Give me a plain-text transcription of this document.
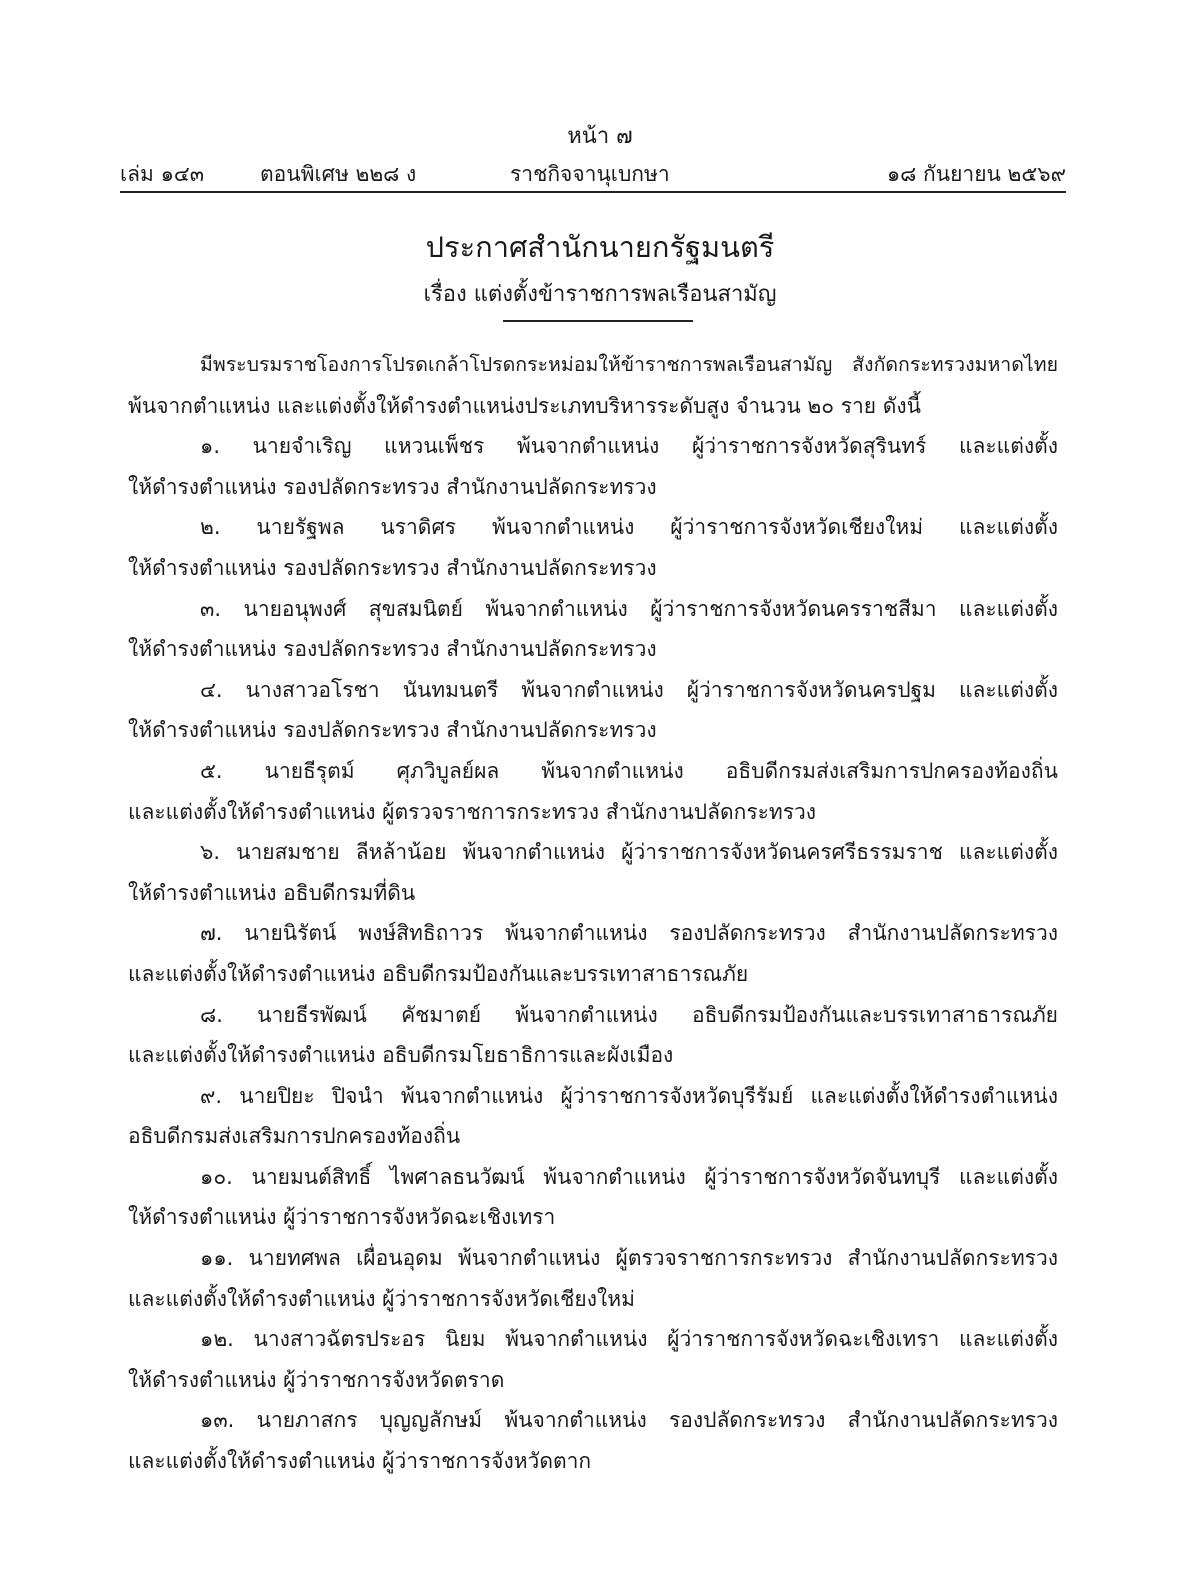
หน้า ๗
เล่ม ๑๔๓	ตอนพิเศษ ๒๒๘ ง	ราชกิจจานุเบกษา	๑๘ กันยายน ๒๕๖๙
ประกาศสำนักนายกรัฐมนตรี
เรื่อง แต่งตั้งข้าราชการพลเรือนสามัญ
มีพระบรมราชโองการโปรดเกล้าโปรดกระหม่อมให้ข้าราชการพลเรือนสามัญ สังกัดกระทรวงมหาดไทย
พ้นจากตำแหน่ง และแต่งตั้งให้ดำรงตำแหน่งประเภทบริหารระดับสูง จำนวน ๒๐ ราย ดังนี้
๑. นายจำเริญ แหวนเพ็ชร พ้นจากตำแหน่ง ผู้ว่าราชการจังหวัดสุรินทร์ และแต่งตั้ง
ให้ดำรงตำแหน่ง รองปลัดกระทรวง สำนักงานปลัดกระทรวง
๒. นายรัฐพล นราดิศร พ้นจากตำแหน่ง ผู้ว่าราชการจังหวัดเชียงใหม่ และแต่งตั้ง
ให้ดำรงตำแหน่ง รองปลัดกระทรวง สำนักงานปลัดกระทรวง
๓. นายอนุพงศ์ สุขสมนิตย์ พ้นจากตำแหน่ง ผู้ว่าราชการจังหวัดนครราชสีมา และแต่งตั้ง
ให้ดำรงตำแหน่ง รองปลัดกระทรวง สำนักงานปลัดกระทรวง
๔. นางสาวอโรชา นันทมนตรี พ้นจากตำแหน่ง ผู้ว่าราชการจังหวัดนครปฐม และแต่งตั้ง
ให้ดำรงตำแหน่ง รองปลัดกระทรวง สำนักงานปลัดกระทรวง
๕. นายธีรุตม์ ศุภวิบูลย์ผล พ้นจากตำแหน่ง อธิบดีกรมส่งเสริมการปกครองท้องถิ่น
และแต่งตั้งให้ดำรงตำแหน่ง ผู้ตรวจราชการกระทรวง สำนักงานปลัดกระทรวง
๖. นายสมชาย ลีหล้าน้อย พ้นจากตำแหน่ง ผู้ว่าราชการจังหวัดนครศรีธรรมราช และแต่งตั้ง
ให้ดำรงตำแหน่ง อธิบดีกรมที่ดิน
๗. นายนิรัตน์ พงษ์สิทธิถาวร พ้นจากตำแหน่ง รองปลัดกระทรวง สำนักงานปลัดกระทรวง
และแต่งตั้งให้ดำรงตำแหน่ง อธิบดีกรมป้องกันและบรรเทาสาธารณภัย
๘. นายธีรพัฒน์ คัชมาตย์ พ้นจากตำแหน่ง อธิบดีกรมป้องกันและบรรเทาสาธารณภัย
และแต่งตั้งให้ดำรงตำแหน่ง อธิบดีกรมโยธาธิการและผังเมือง
๙. นายปิยะ ปิจนำ พ้นจากตำแหน่ง ผู้ว่าราชการจังหวัดบุรีรัมย์ และแต่งตั้งให้ดำรงตำแหน่ง
อธิบดีกรมส่งเสริมการปกครองท้องถิ่น
๑๐. นายมนต์สิทธิ์ ไพศาลธนวัฒน์ พ้นจากตำแหน่ง ผู้ว่าราชการจังหวัดจันทบุรี และแต่งตั้ง
ให้ดำรงตำแหน่ง ผู้ว่าราชการจังหวัดฉะเชิงเทรา
๑๑. นายทศพล เผื่อนอุดม พ้นจากตำแหน่ง ผู้ตรวจราชการกระทรวง สำนักงานปลัดกระทรวง
และแต่งตั้งให้ดำรงตำแหน่ง ผู้ว่าราชการจังหวัดเชียงใหม่
๑๒. นางสาวฉัตรประอร นิยม พ้นจากตำแหน่ง ผู้ว่าราชการจังหวัดฉะเชิงเทรา และแต่งตั้ง
ให้ดำรงตำแหน่ง ผู้ว่าราชการจังหวัดตราด
๑๓. นายภาสกร บุญญลักษม์ พ้นจากตำแหน่ง รองปลัดกระทรวง สำนักงานปลัดกระทรวง
และแต่งตั้งให้ดำรงตำแหน่ง ผู้ว่าราชการจังหวัดตาก
